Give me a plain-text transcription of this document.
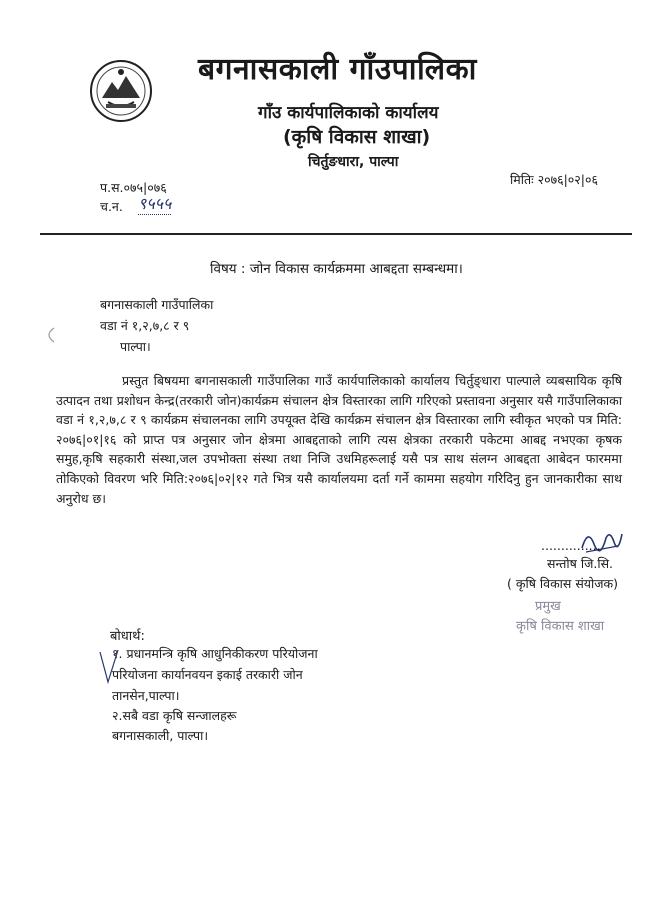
बगनासकाली गाँउपालिका
गाँउ कार्यपालिकाको कार्यालय
(कृषि विकास शाखा)
चिर्तुङधारा, पाल्पा
प.स.०७५|०७६
च.न. ९५५५
मितिः २०७६|०२|०६
विषय : जोन विकास कार्यक्रममा आबद्दता सम्बन्धमा।
बगनासकाली गाउँपालिका
वडा नं १,२,७,८ र ९
पाल्पा।
प्रस्तुत बिषयमा बगनासकाली गाउँपालिका गाउँ कार्यपालिकाको कार्यालय चिर्तुङ्धारा पाल्पाले व्यबसायिक कृषि उत्पादन तथा प्रशोधन केन्द्र(तरकारी जोन)कार्यक्रम संचालन क्षेत्र विस्तारका लागि गरिएको प्रस्तावना अनुसार यसै गाउँपालिकाका वडा नं १,२,७,८ र ९ कार्यक्रम संचालनका लागि उपयूक्त देखि कार्यक्रम संचालन क्षेत्र विस्तारका लागि स्वीकृत भएको पत्र मिति: २०७६|०१|१६ को प्राप्त पत्र अनुसार जोन क्षेत्रमा आबद्दताको लागि त्यस क्षेत्रका तरकारी पकेटमा आबद्द नभएका कृषक समुह,कृषि सहकारी संस्था,जल उपभोक्ता संस्था तथा निजि उधमिहरूलाई यसै पत्र साथ संलग्न आबद्दता आबेदन फारममा तोकिएको विवरण भरि मिति:२०७६|०२|१२ गते भित्र यसै कार्यालयमा दर्ता गर्ने काममा सहयोग गरिदिनु हुन जानकारीका साथ अनुरोध छ।
...............
सन्तोष जि.सि.
( कृषि विकास संयोजक)
प्रमुख
कृषि विकास शाखा
बोधार्थ:
१. प्रधानमन्त्रि कृषि आधुनिकीकरण परियोजना
परियोजना कार्यानवयन इकाई तरकारी जोन
तानसेन,पाल्पा।
२.सबै वडा कृषि सन्जालहरू
बगनासकाली, पाल्पा।
